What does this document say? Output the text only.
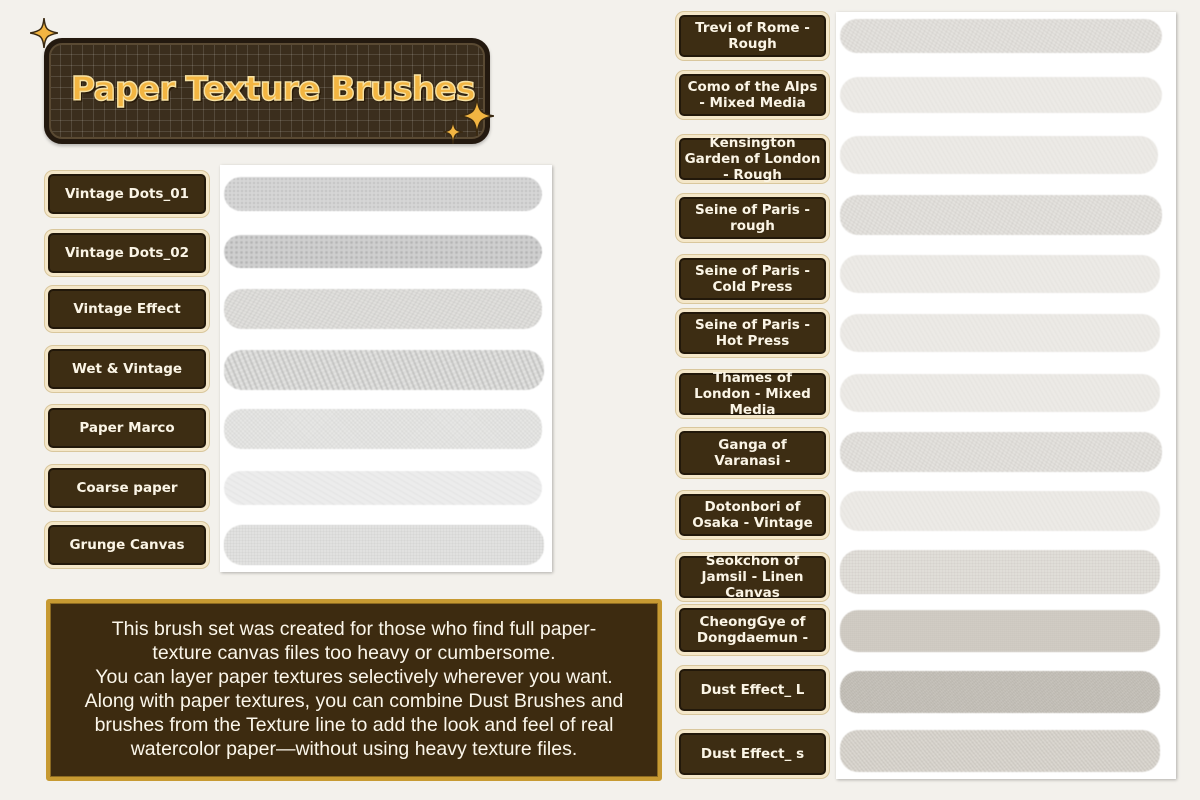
Paper Texture Brushes
Vintage Dots_01
Vintage Dots_02
Vintage Effect
Wet & Vintage
Paper Marco
Coarse paper
Grunge Canvas
Trevi of Rome - Rough
Como of the Alps - Mixed Media
Kensington Garden of London - Rough
Seine of Paris - rough
Seine of Paris - Cold Press
Seine of Paris - Hot Press
Thames of London - Mixed Media
Ganga of Varanasi -
Dotonbori of Osaka - Vintage
Seokchon of Jamsil - Linen Canvas
CheongGye of Dongdaemun -
Dust Effect_ L
Dust Effect_ s

This brush set was created for those who find full paper-
texture canvas files too heavy or cumbersome.
You can layer paper textures selectively wherever you want.
Along with paper textures, you can combine Dust Brushes and
brushes from the Texture line to add the look and feel of real
watercolor paper—without using heavy texture files.
